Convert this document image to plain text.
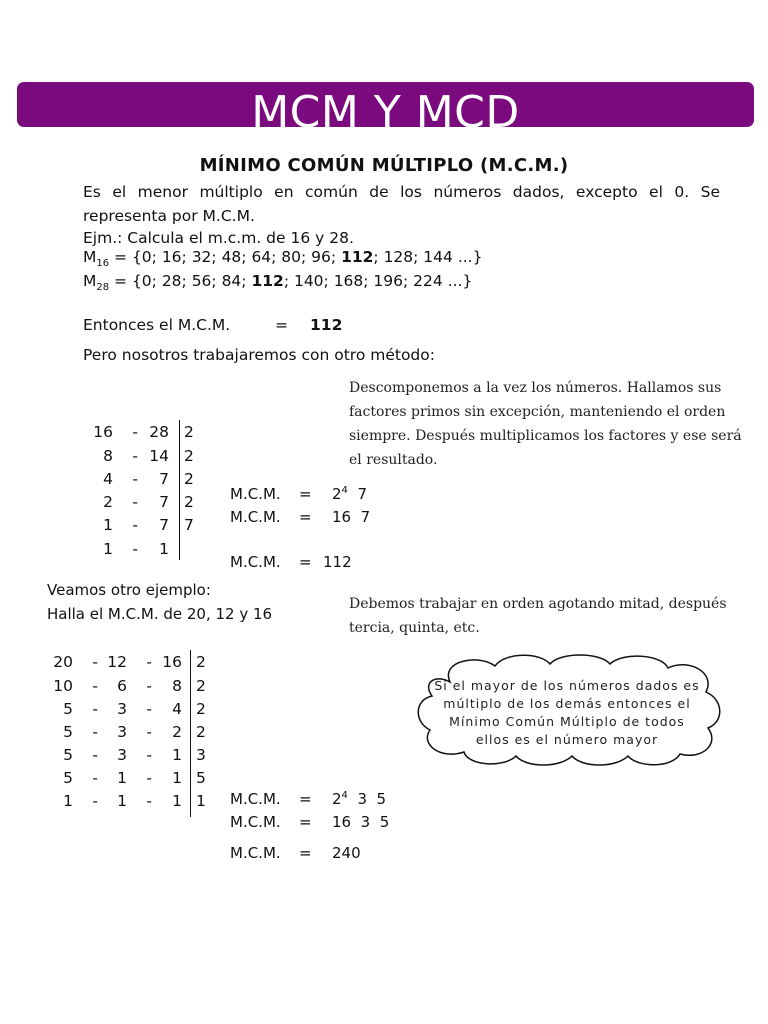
MCM Y MCD
MÍNIMO COMÚN MÚLTIPLO (M.C.M.)
Es el menor múltiplo en común de los números dados, excepto el 0. Se representa por M.C.M.
Ejm.: Calcula el m.c.m. de 16 y 28.
$M_{16} = \{0$; 16; 32; 48; 64; 80; 96; 112; 128; 144 ...}
$M_{28} = \{0$; 28; 56; 84; 112; 140; 168; 196; 224 ...}
Entonces el M.C.M.	= 112
Pero nosotros trabajaremos con otro método:
Descomponemos a la vez los números. Hallamos sus
factores primos sin excepción, manteniendo el orden
siempre. Después multiplicamos los factores y ese será
el resultado.
16	- 28 2
8	- 14 2
4	-	7 2
2	-	7 2
1	-	7 7
1	-	1
M.C.M. = $2^4$  7
M.C.M. = 16  7
M.C.M. = 112
Veamos otro ejemplo:
Halla el M.C.M. de 20, 12 y 16
Debemos trabajar en orden agotando mitad, después
tercia, quinta, etc.
20	- 12	- 16 2
10	-	6	-	8 2
5	-	3	-	4 2
5	-	3	-	2 2
5	-	3	-	1 3
5	-	1	-	1 5
1	-	1	-	1 1	M.C.M. = $2^4$  3  5
M.C.M. = 16  3  5
M.C.M. = 240
Si el mayor de los números dados es
múltiplo de los demás entonces el
Mínimo Común Múltiplo de todos
ellos es el número mayor
